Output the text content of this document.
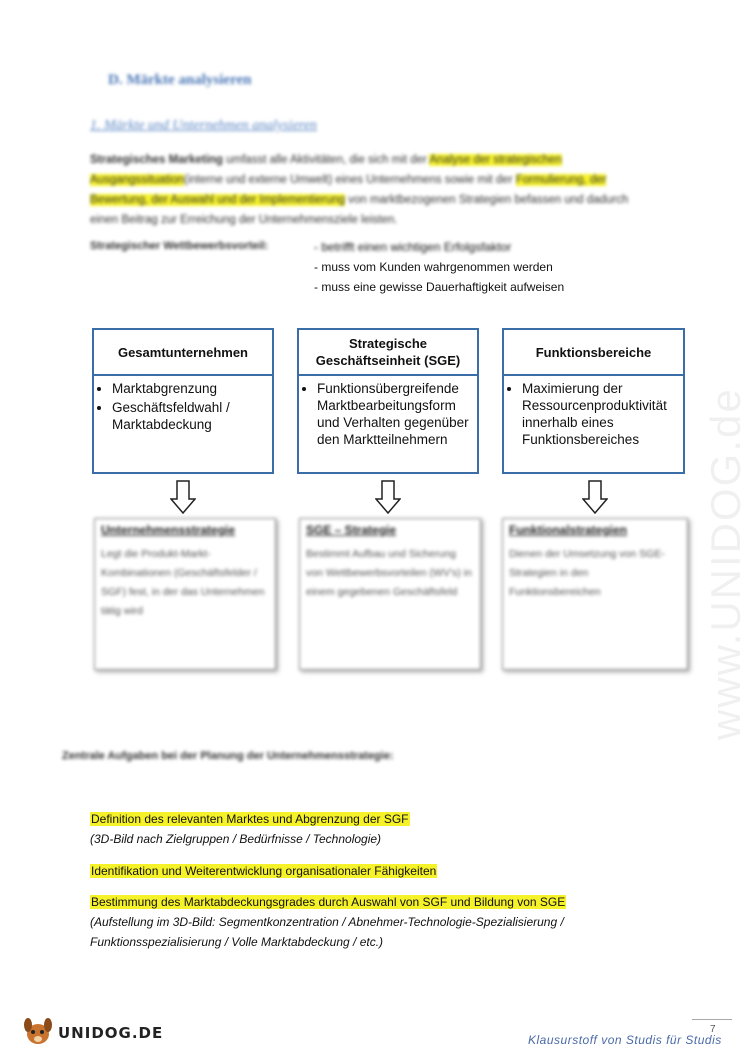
D. Märkte analysieren
1. Märkte und Unternehmen analysieren
Strategisches Marketing umfasst alle Aktivitäten, die sich mit der Analyse der strategischen Ausgangssituation(interne und externe Umwelt) eines Unternehmens sowie mit der Formulierung, der Bewertung, der Auswahl und der Implementierung von marktbezogenen Strategien befassen und dadurch einen Beitrag zur Erreichung der Unternehmensziele leisten.
Strategischer Wettbewerbsvorteil:	- betrifft einen wichtigen Erfolgsfaktor
- muss vom Kunden wahrgenommen werden
- muss eine gewisse Dauerhaftigkeit aufweisen
Gesamtunternehmen
• Marktabgrenzung
• Geschäftsfeldwahl / Marktabdeckung
Strategische Geschäftseinheit (SGE)
• Funktionsübergreifende Marktbearbeitungsform und Verhalten gegenüber den Marktteilnehmern
Funktionsbereiche
• Maximierung der Ressourcenproduktivität innerhalb eines Funktionsbereiches
Unternehmensstrategie
Legt die Produkt-Markt-Kombinationen (Geschäftsfelder / SGF) fest, in der das Unternehmen tätig wird
SGE – Strategie
Bestimmt Aufbau und Sicherung von Wettbewerbsvorteilen (WV's) in einem gegebenen Geschäftsfeld
Funktionalstrategien
Dienen der Umsetzung von SGE-Strategien in den Funktionsbereichen
Zentrale Aufgaben bei der Planung der Unternehmensstrategie:
Definition des relevanten Marktes und Abgrenzung der SGF
(3D-Bild nach Zielgruppen / Bedürfnisse / Technologie)
Identifikation und Weiterentwicklung organisationaler Fähigkeiten
Bestimmung des Marktabdeckungsgrades durch Auswahl von SGF und Bildung von SGE
(Aufstellung im 3D-Bild: Segmentkonzentration / Abnehmer-Technologie-Spezialisierung /
Funktionsspezialisierung / Volle Marktabdeckung / etc.)
www.UNIDOG.de
UNIDOG.DE	7
Klausurstoff von Studis für Studis
